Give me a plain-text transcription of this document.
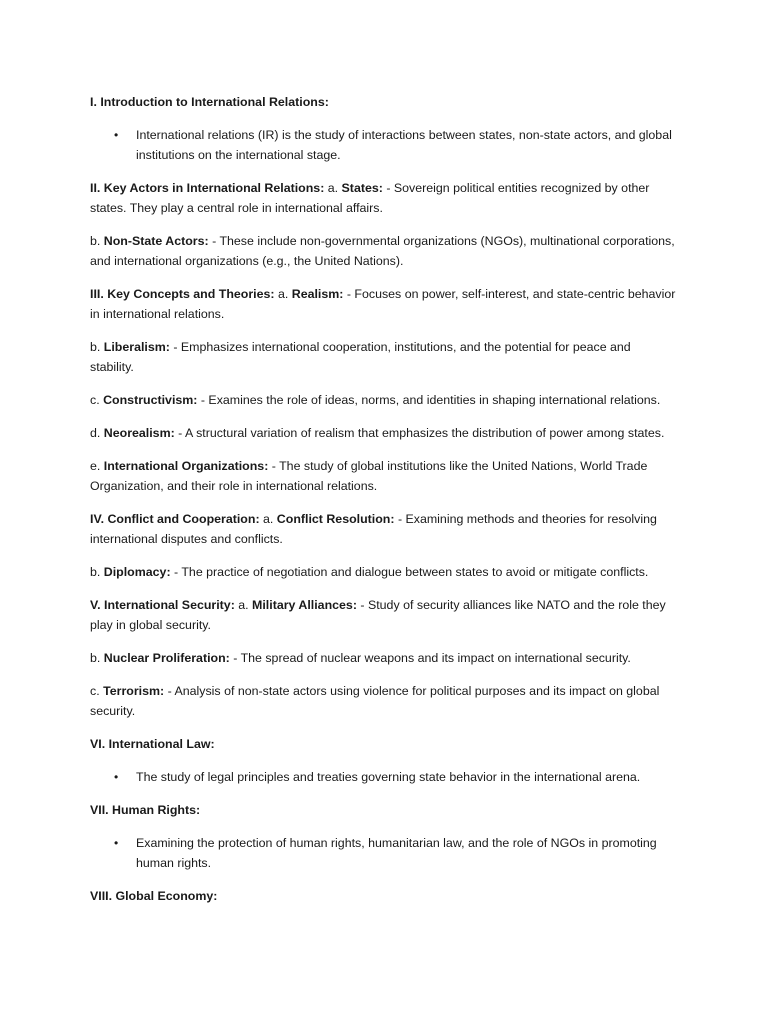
I. Introduction to International Relations:

•	International relations (IR) is the study of interactions between states, non-state actors, and global institutions on the international stage.

II. Key Actors in International Relations: a. States: - Sovereign political entities recognized by other states. They play a central role in international affairs.

b. Non-State Actors: - These include non-governmental organizations (NGOs), multinational corporations, and international organizations (e.g., the United Nations).

III. Key Concepts and Theories: a. Realism: - Focuses on power, self-interest, and state-centric behavior in international relations.

b. Liberalism: - Emphasizes international cooperation, institutions, and the potential for peace and stability.

c. Constructivism: - Examines the role of ideas, norms, and identities in shaping international relations.

d. Neorealism: - A structural variation of realism that emphasizes the distribution of power among states.

e. International Organizations: - The study of global institutions like the United Nations, World Trade Organization, and their role in international relations.

IV. Conflict and Cooperation: a. Conflict Resolution: - Examining methods and theories for resolving international disputes and conflicts.

b. Diplomacy: - The practice of negotiation and dialogue between states to avoid or mitigate conflicts.

V. International Security: a. Military Alliances: - Study of security alliances like NATO and the role they play in global security.

b. Nuclear Proliferation: - The spread of nuclear weapons and its impact on international security.

c. Terrorism: - Analysis of non-state actors using violence for political purposes and its impact on global security.

VI. International Law:

•	The study of legal principles and treaties governing state behavior in the international arena.

VII. Human Rights:

•	Examining the protection of human rights, humanitarian law, and the role of NGOs in promoting human rights.

VIII. Global Economy:
